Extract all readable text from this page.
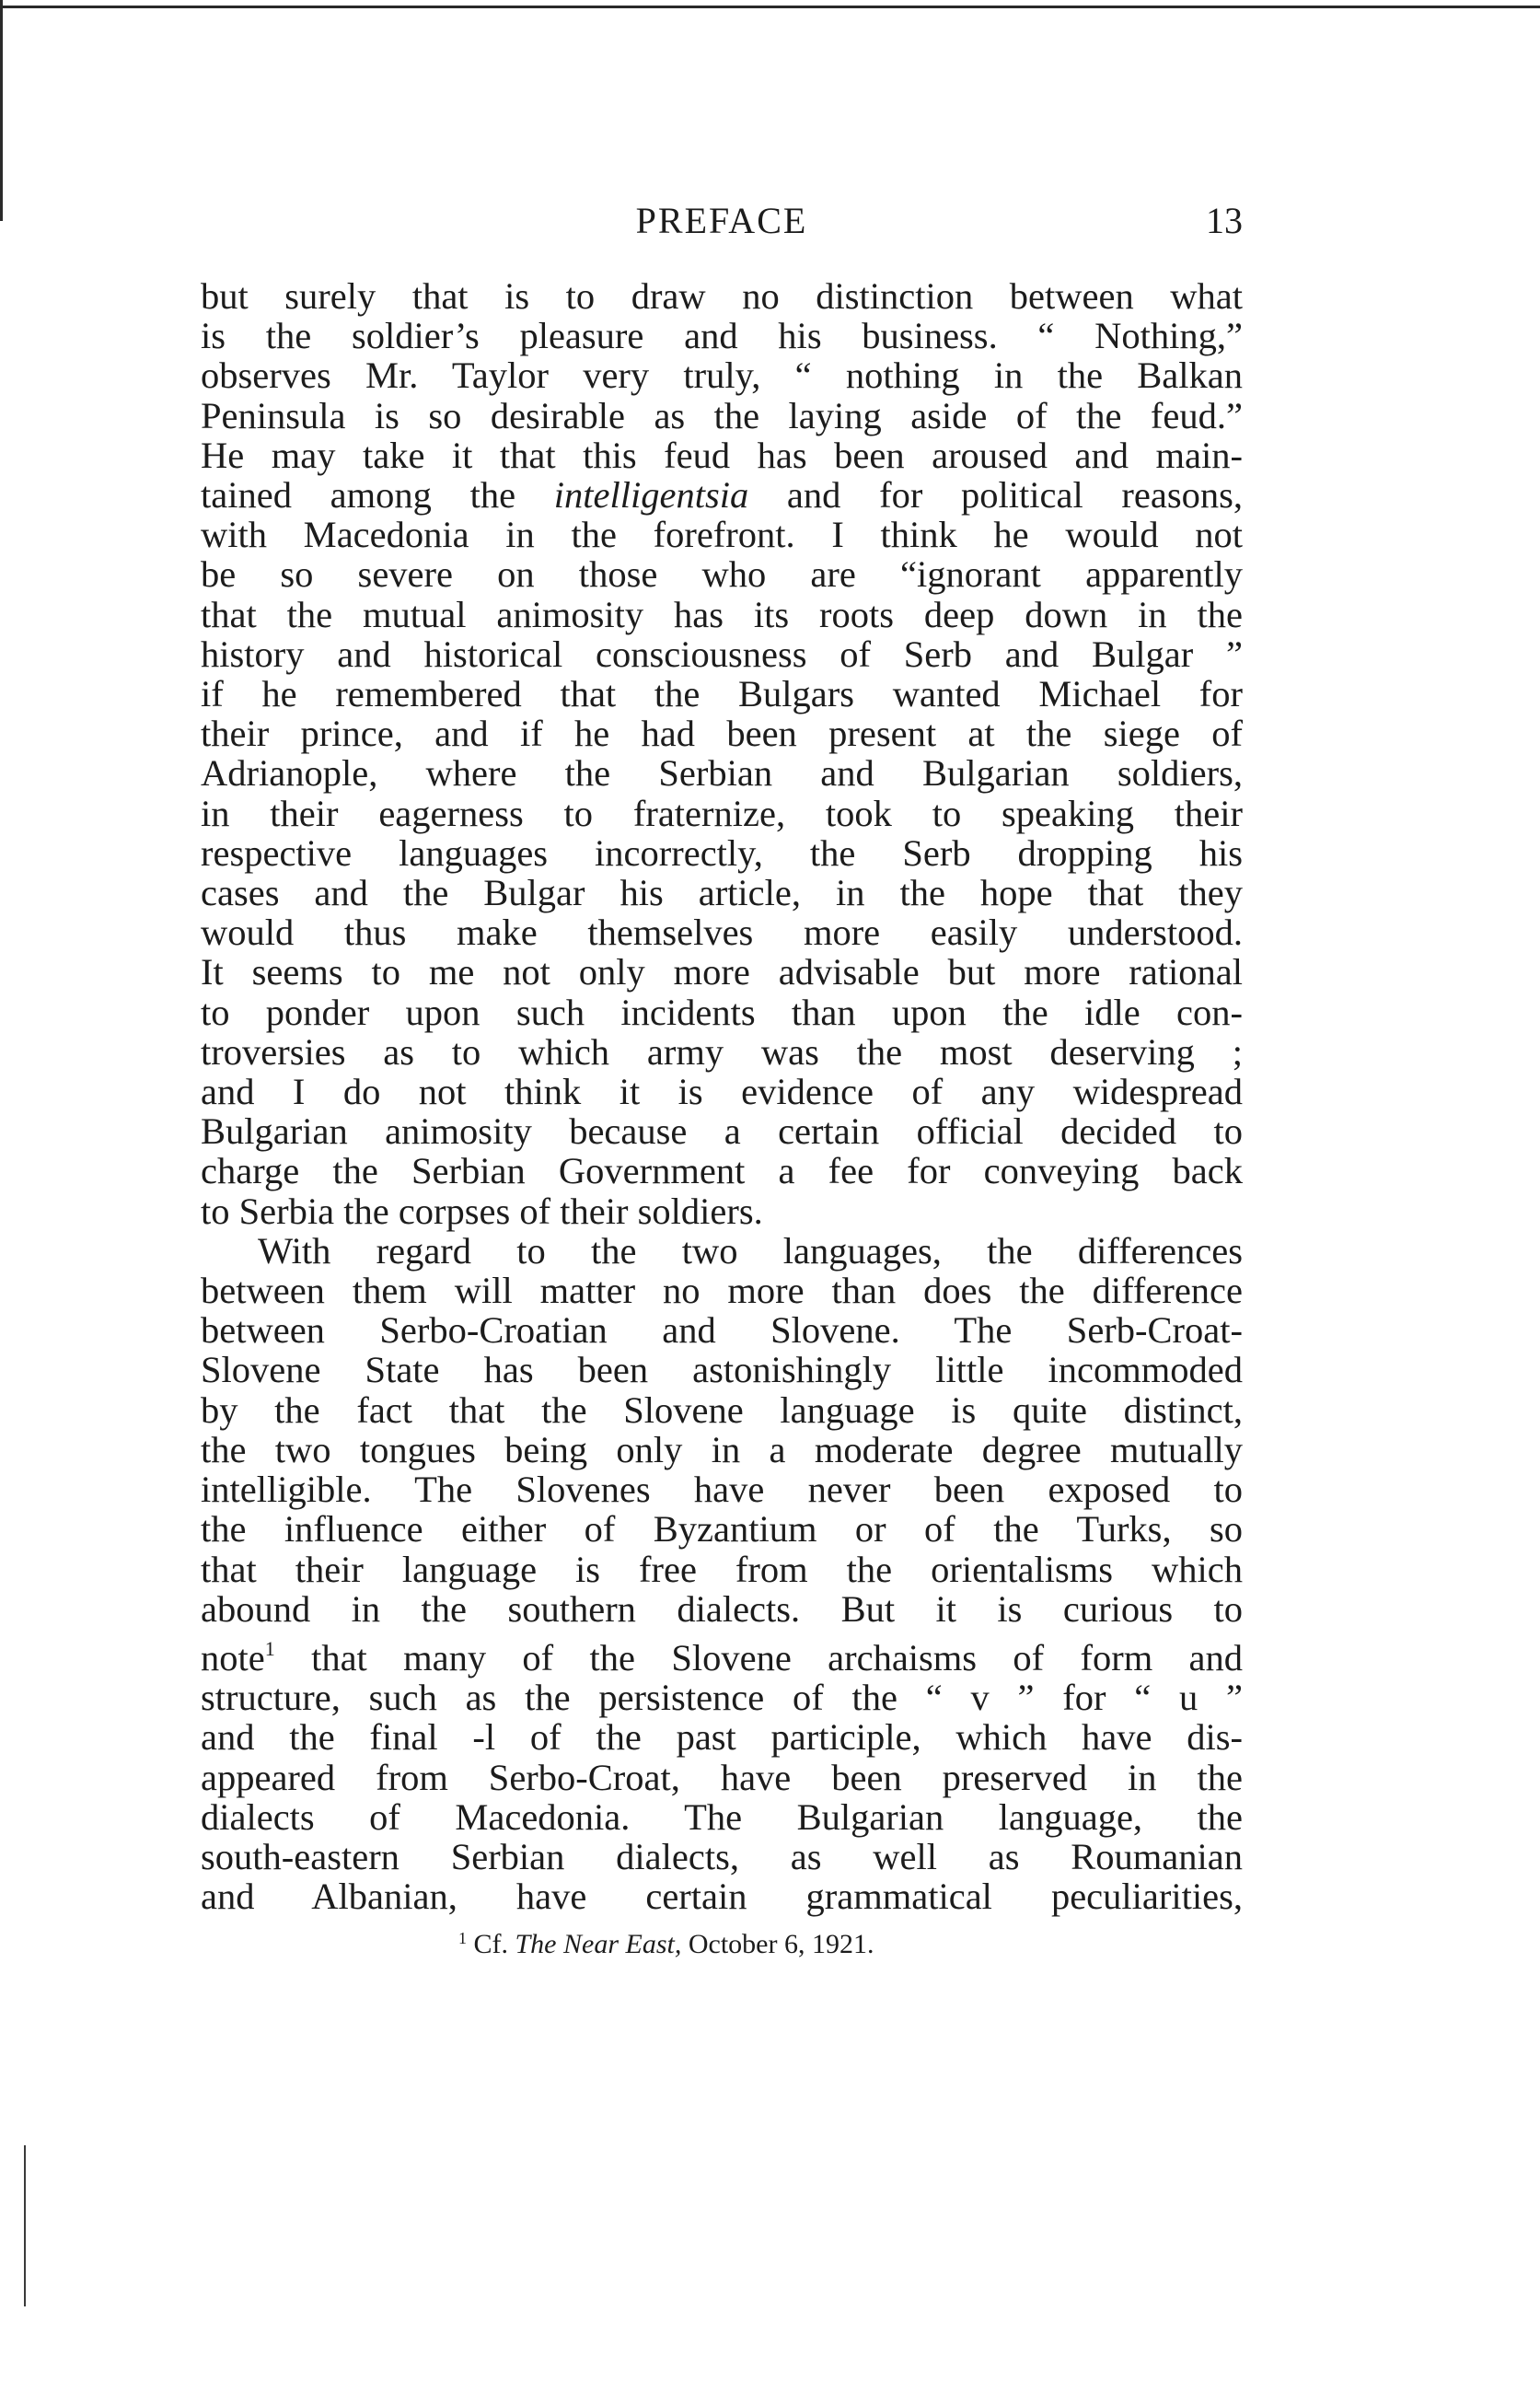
PREFACE	13

but surely that is to draw no distinction between what
is the soldier’s pleasure and his business. “ Nothing,”
observes Mr. Taylor very truly, “ nothing in the Balkan
Peninsula is so desirable as the laying aside of the feud.”
He may take it that this feud has been aroused and main-
tained among the intelligentsia and for political reasons,
with Macedonia in the forefront. I think he would not
be so severe on those who are “ignorant apparently
that the mutual animosity has its roots deep down in the
history and historical consciousness of Serb and Bulgar ”
if he remembered that the Bulgars wanted Michael for
their prince, and if he had been present at the siege of
Adrianople, where the Serbian and Bulgarian soldiers,
in their eagerness to fraternize, took to speaking their
respective languages incorrectly, the Serb dropping his
cases and the Bulgar his article, in the hope that they
would thus make themselves more easily understood.
It seems to me not only more advisable but more rational
to ponder upon such incidents than upon the idle con-
troversies as to which army was the most deserving ;
and I do not think it is evidence of any widespread
Bulgarian animosity because a certain official decided to
charge the Serbian Government a fee for conveying back
to Serbia the corpses of their soldiers.

With regard to the two languages, the differences
between them will matter no more than does the difference
between Serbo-Croatian and Slovene. The Serb-Croat-
Slovene State has been astonishingly little incommoded
by the fact that the Slovene language is quite distinct,
the two tongues being only in a moderate degree mutually
intelligible. The Slovenes have never been exposed to
the influence either of Byzantium or of the Turks, so
that their language is free from the orientalisms which
abound in the southern dialects. But it is curious to
note$^1$ that many of the Slovene archaisms of form and
structure, such as the persistence of the “ v ” for “ u ”
and the final -l of the past participle, which have dis-
appeared from Serbo-Croat, have been preserved in the
dialects of Macedonia. The Bulgarian language, the
south-eastern Serbian dialects, as well as Roumanian
and Albanian, have certain grammatical peculiarities,

$^1$ Cf. The Near East, October 6, 1921.
